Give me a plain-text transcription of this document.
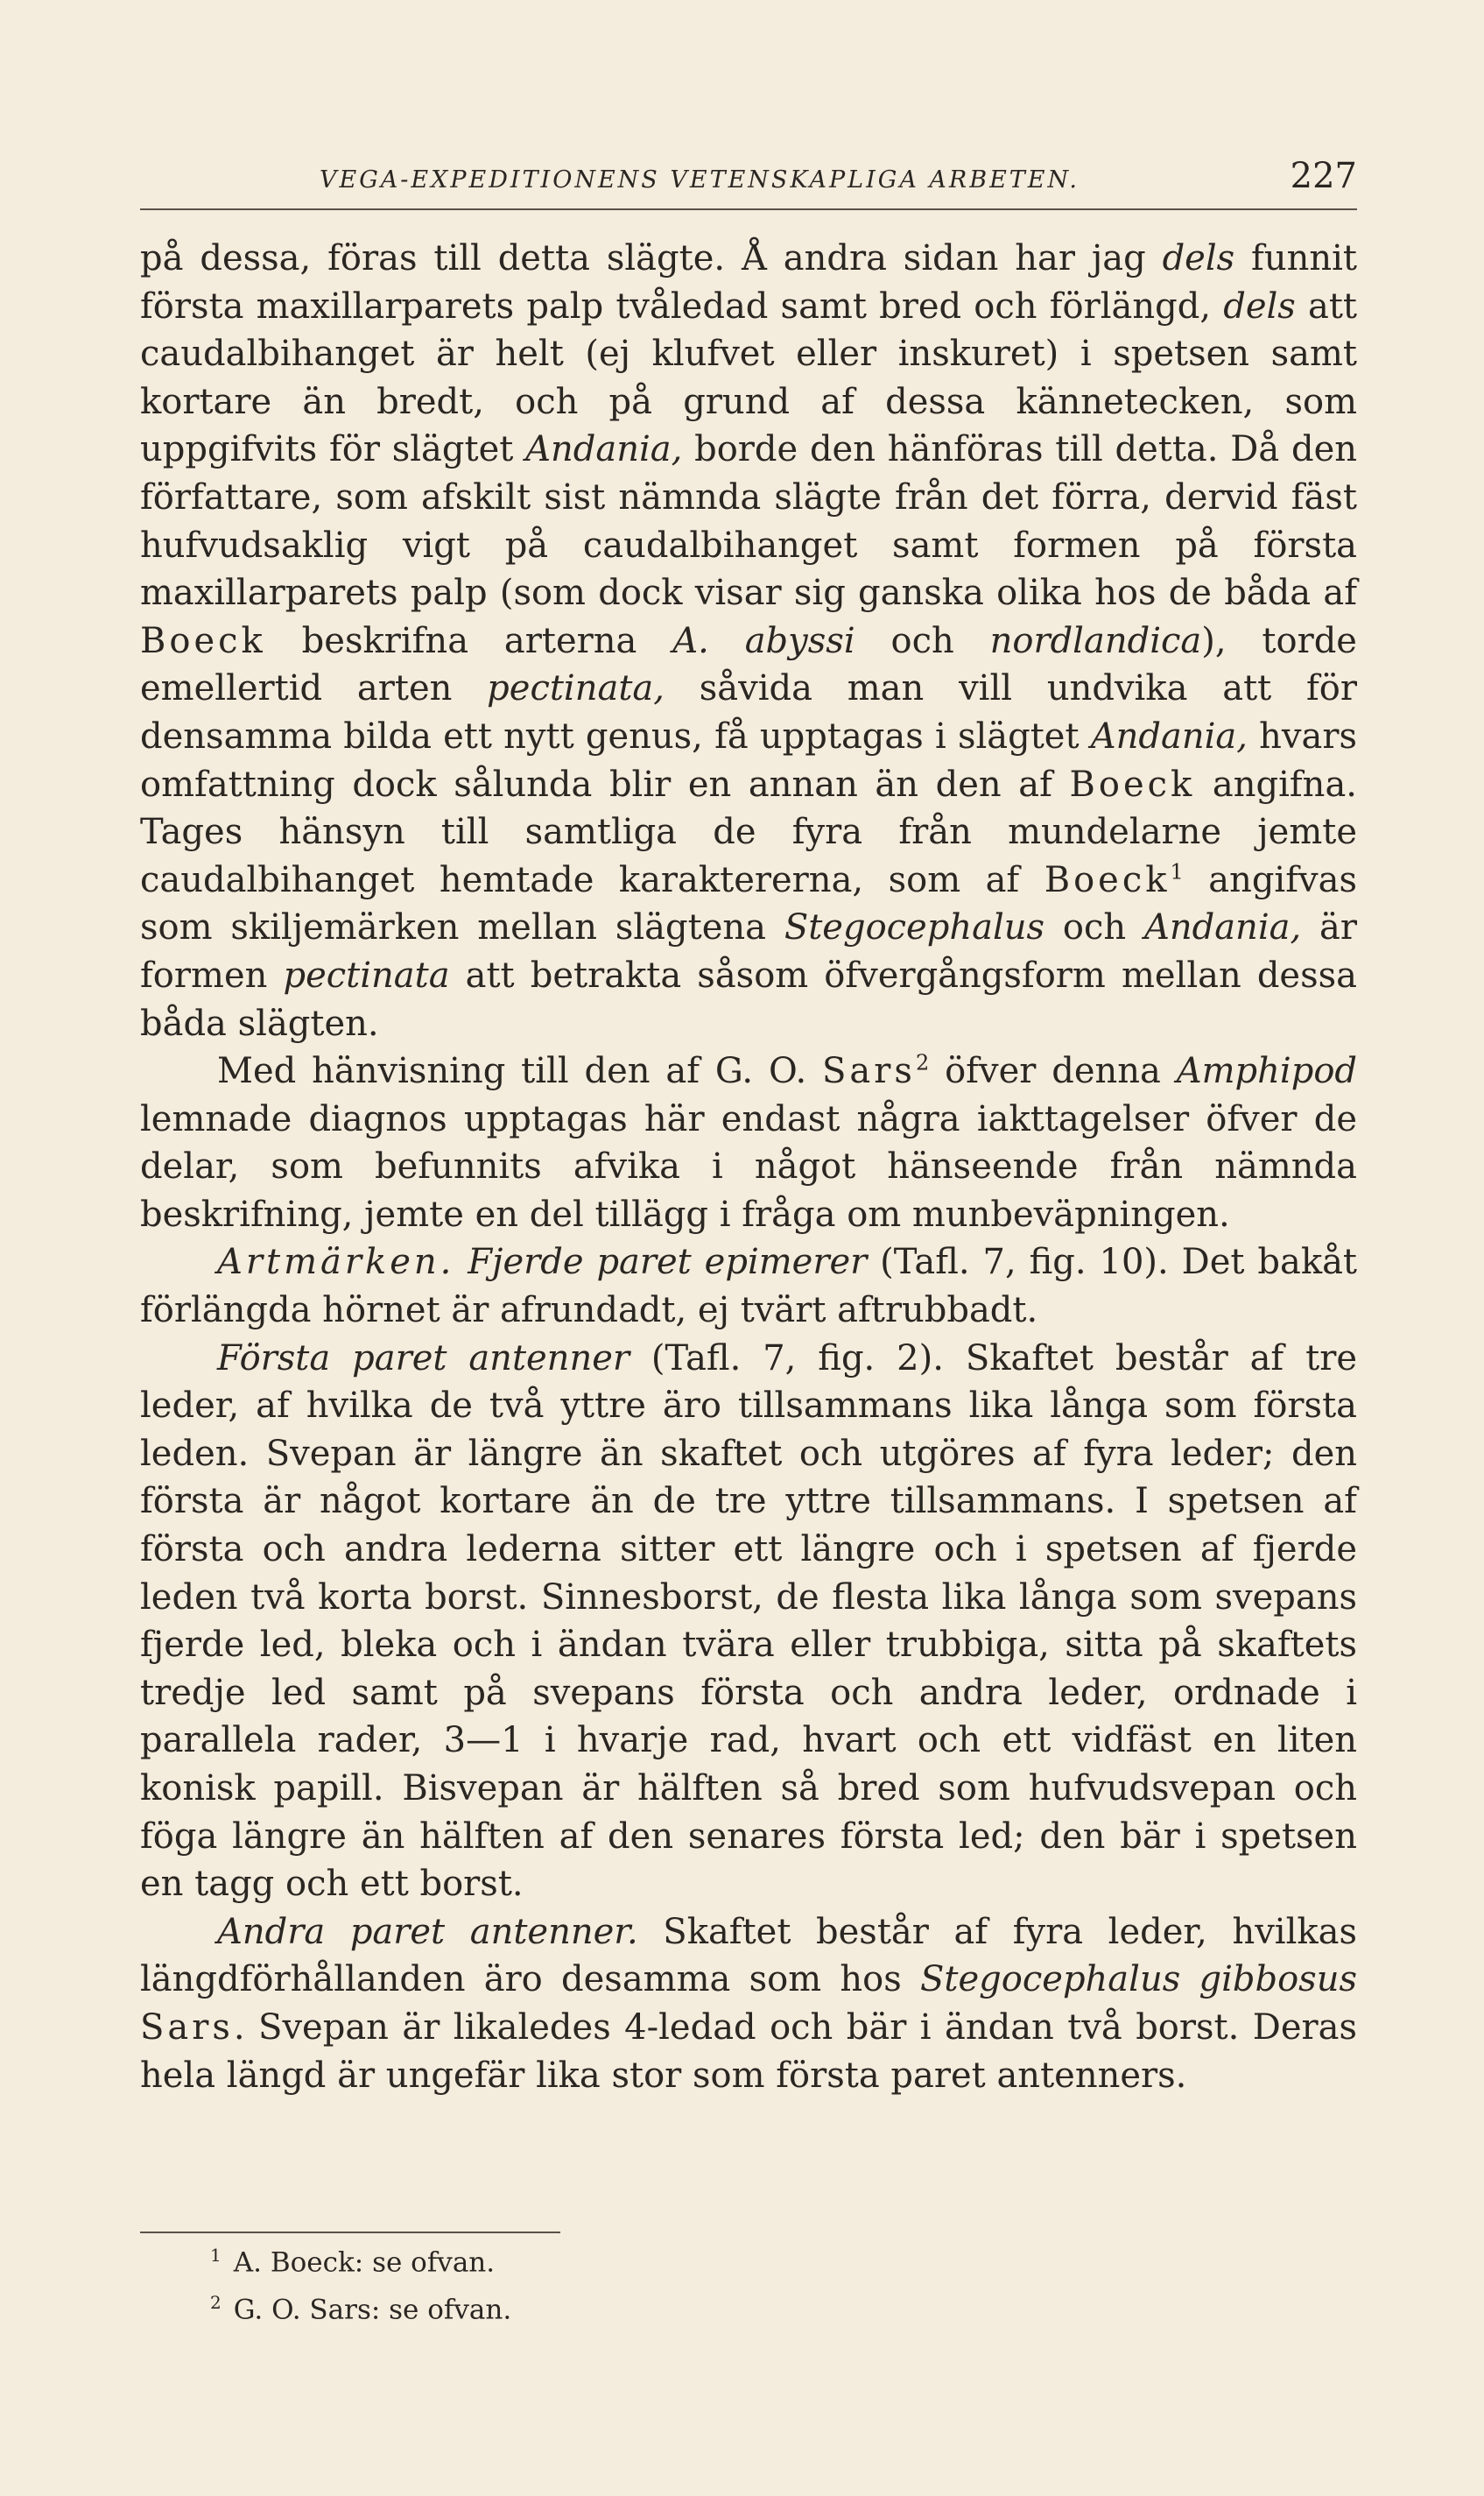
VEGA-EXPEDITIONENS VETENSKAPLIGA ARBETEN.	227

på dessa, föras till detta slägte. Å andra sidan har jag dels funnit första maxillarparets palp tvåledad samt bred och förlängd, dels att caudalbihanget är helt (ej klufvet eller inskuret) i spetsen samt kortare än bredt, och på grund af dessa kännetecken, som uppgifvits för slägtet Andania, borde den hänföras till detta. Då den författare, som afskilt sist nämnda slägte från det förra, dervid fäst hufvudsaklig vigt på caudalbihanget samt formen på första maxillarparets palp (som dock visar sig ganska olika hos de båda af Boeck beskrifna arterna A. abyssi och nordlandica), torde emellertid arten pectinata, såvida man vill undvika att för densamma bilda ett nytt genus, få upptagas i slägtet Andania, hvars omfattning dock sålunda blir en annan än den af Boeck angifna. Tages hänsyn till samtliga de fyra från mundelarne jemte caudalbihanget hemtade karaktererna, som af Boeck$^1$ angifvas som skiljemärken mellan slägtena Stegocephalus och Andania, är formen pectinata att betrakta såsom öfvergångsform mellan dessa båda slägten.

Med hänvisning till den af G. O. Sars$^2$ öfver denna Amphipod lemnade diagnos upptagas här endast några iakttagelser öfver de delar, som befunnits afvika i något hänseende från nämnda beskrifning, jemte en del tillägg i fråga om munbeväpningen.

Artmärken. Fjerde paret epimerer (Tafl. 7, fig. 10). Det bakåt förlängda hörnet är afrundadt, ej tvärt aftrubbadt.

Första paret antenner (Tafl. 7, fig. 2). Skaftet består af tre leder, af hvilka de två yttre äro tillsammans lika långa som första leden. Svepan är längre än skaftet och utgöres af fyra leder; den första är något kortare än de tre yttre tillsammans. I spetsen af första och andra lederna sitter ett längre och i spetsen af fjerde leden två korta borst. Sinnesborst, de flesta lika långa som svepans fjerde led, bleka och i ändan tvära eller trubbiga, sitta på skaftets tredje led samt på svepans första och andra leder, ordnade i parallela rader, 3—1 i hvarje rad, hvart och ett vidfäst en liten konisk papill. Bisvepan är hälften så bred som hufvudsvepan och föga längre än hälften af den senares första led; den bär i spetsen en tagg och ett borst.

Andra paret antenner. Skaftet består af fyra leder, hvilkas längdförhållanden äro desamma som hos Stegocephalus gibbosus Sars. Svepan är likaledes 4-ledad och bär i ändan två borst. Deras hela längd är ungefär lika stor som första paret antenners.

$^1$ A. Boeck: se ofvan.
$^2$ G. O. Sars: se ofvan.
